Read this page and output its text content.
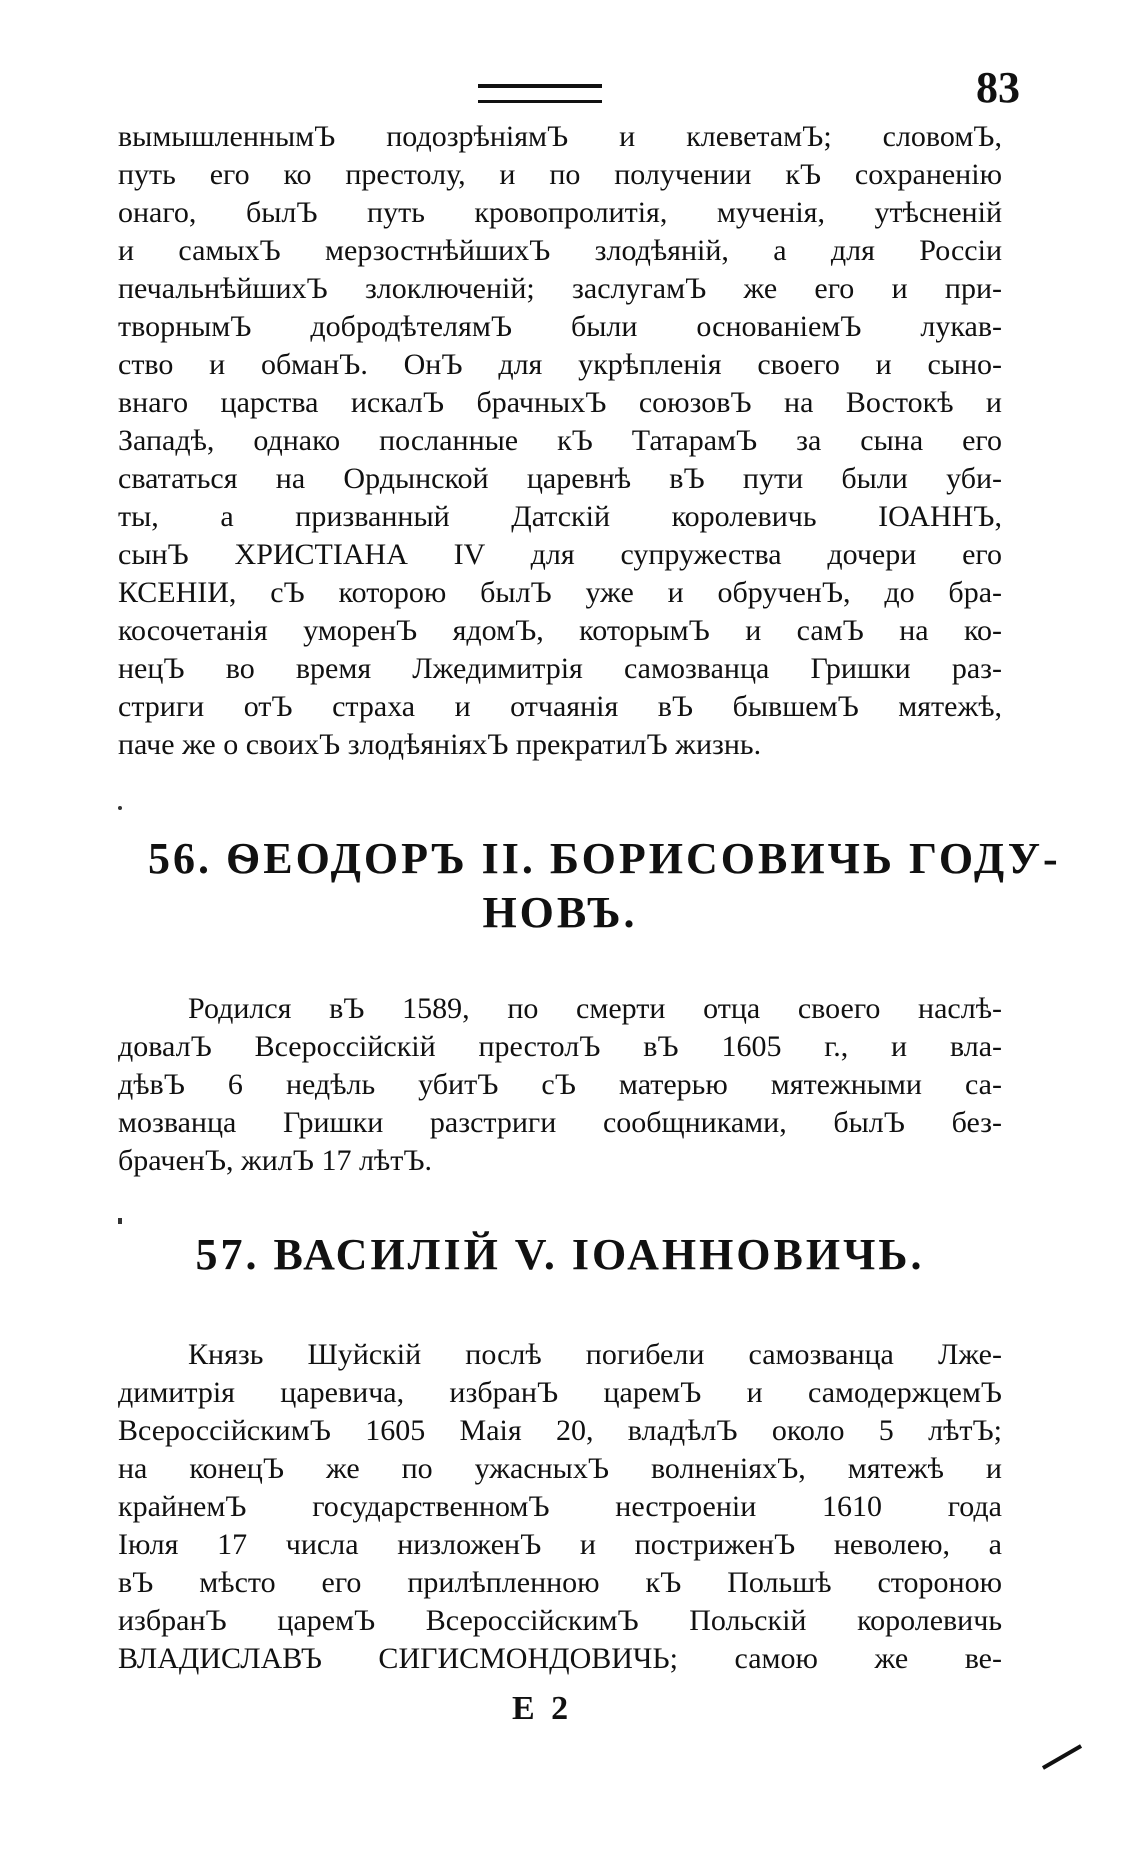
83
вымышленнымЪ подозрѣніямЪ и клеветамЪ; словомЪ,
путь его ко престолу, и по получении кЪ сохраненію
онаго, былЪ путь кровопролитія, мученія, утѣсненій
и самыхЪ мерзостнѣйшихЪ злодѣяній, а для Россіи
печальнѣйшихЪ злоключеній; заслугамЪ же его и при-
творнымЪ добродѣтелямЪ были основаніемЪ лукав-
ство и обманЪ. ОнЪ для укрѣпленія своего и сыно-
внаго царства искалЪ брачныхЪ союзовЪ на Востокѣ и
Западѣ, однако посланные кЪ ТатарамЪ за сына его
свататься на Ордынской царевнѣ вЪ пути были уби-
ты, а призванный Датскій королевичь ІОАННЪ,
сынЪ ХРИСТІАНА IV для супружества дочери его
КСЕНІИ, сЪ которою былЪ уже и обрученЪ, до бра-
косочетанія уморенЪ ядомЪ, которымЪ и самЪ на ко-
нецЪ во время Лжедимитрія самозванца Гришки раз-
стриги отЪ страха и отчаянія вЪ бывшемЪ мятежѣ,
паче же о своихЪ злодѣяніяхЪ прекратилЪ жизнь.
56. ѲЕОДОРЪ II. БОРИСОВИЧЬ ГОДУ-
НОВЪ.
Родился вЪ 1589, по смерти отца своего наслѣ-
довалЪ Всероссійскій престолЪ вЪ 1605 г., и вла-
дѣвЪ 6 недѣль убитЪ сЪ матерью мятежными са-
мозванца Гришки разстриги сообщниками, былЪ без-
браченЪ, жилЪ 17 лѣтЪ.
57. ВАСИЛІЙ V. ІОАННОВИЧЬ.
Князь Шуйскій послѣ погибели самозванца Лже-
димитрія царевича, избранЪ царемЪ и самодержцемЪ
ВсероссійскимЪ 1605 Маія 20, владѣлЪ около 5 лѣтЪ;
на конецЪ же по ужасныхЪ волненіяхЪ, мятежѣ и
крайнемЪ государственномЪ нестроеніи 1610 года
Іюля 17 числа низложенЪ и постриженЪ неволею, а
вЪ мѣсто его прилѣпленною кЪ Польшѣ стороною
избранЪ царемЪ ВсероссійскимЪ Польскій королевичь
ВЛАДИСЛАВЪ СИГИСМОНДОВИЧЬ; самою же ве-
E 2
